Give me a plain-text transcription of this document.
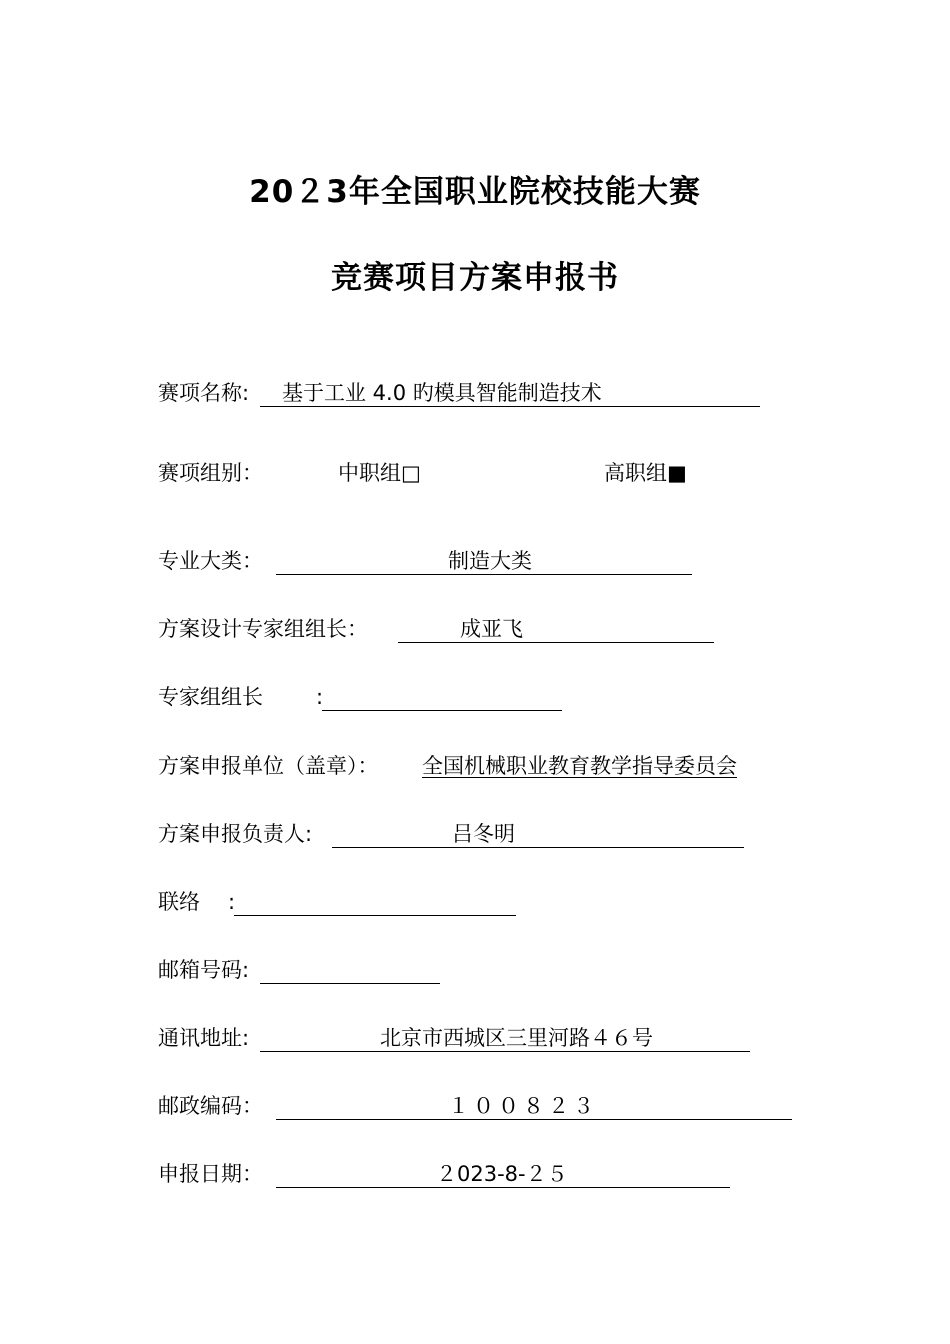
20２3年全国职业院校技能大赛
竞赛项目方案申报书
赛项名称: 基于工业 4.0 旳模具智能制造技术
赛项组别：	中职组□	高职组■
专业大类：	制造大类
方案设计专家组组长：	成亚飞
专家组组长	:
方案申报单位（盖章）： 全国机械职业教育教学指导委员会
方案申报负责人:	吕冬明
联络 :
邮箱号码:
通讯地址:	北京市西城区三里河路４６号
邮政编码：	１００８２３
申报日期：	２023-8-２５
